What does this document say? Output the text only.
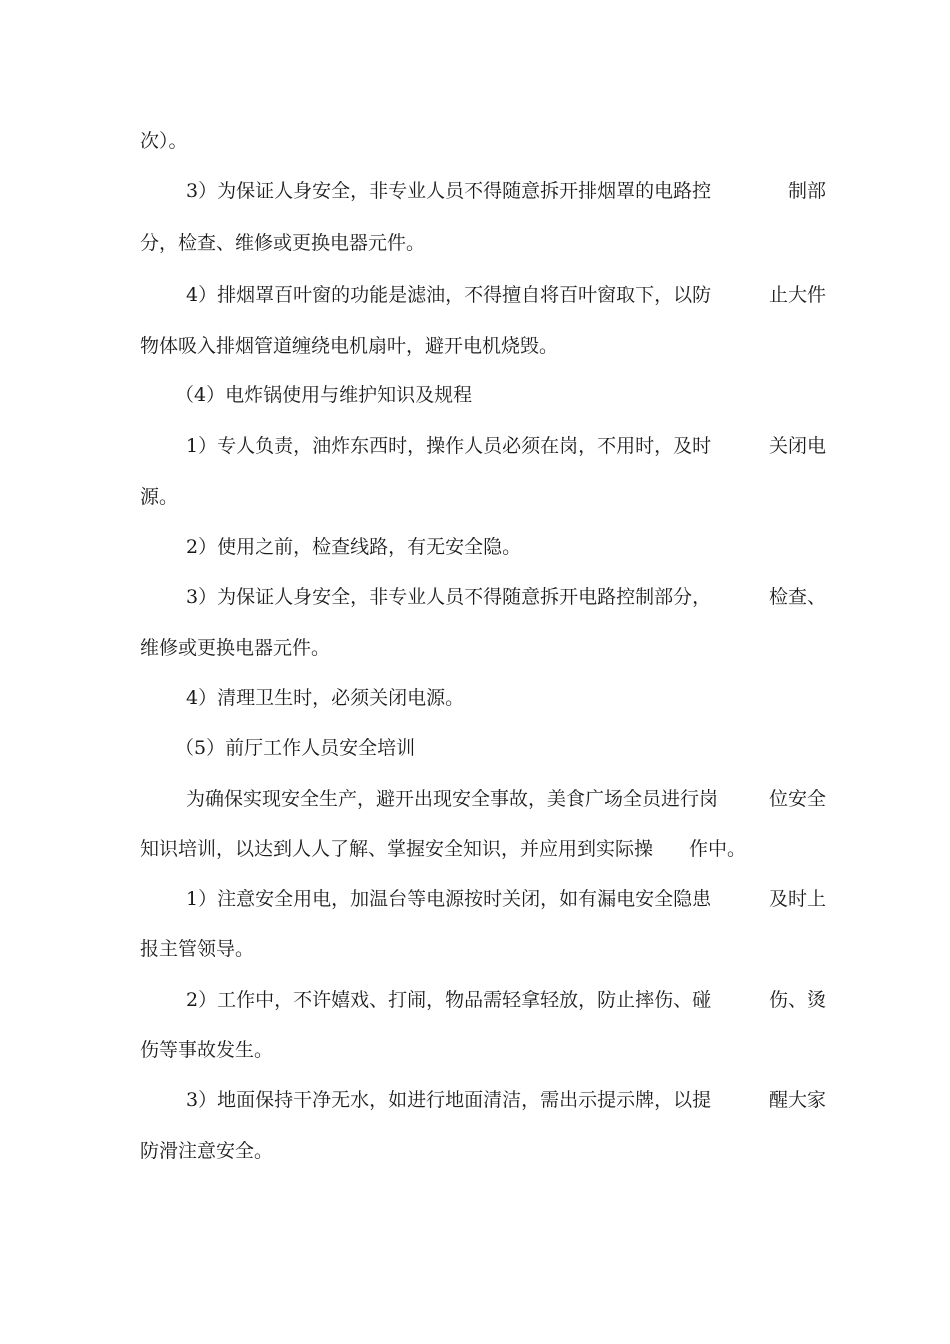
次）。
3）为保证人身安全，非专业人员不得随意拆开排烟罩的电路控	制部
分，检查、维修或更换电器元件。
4）排烟罩百叶窗的功能是滤油，不得擅自将百叶窗取下，以防	止大件
物体吸入排烟管道缠绕电机扇叶，避开电机烧毁。
（4）电炸锅使用与维护知识及规程
1）专人负责，油炸东西时，操作人员必须在岗，不用时，及时	关闭电
源。
2）使用之前，检查线路，有无安全隐。
3）为保证人身安全，非专业人员不得随意拆开电路控制部分，	检查、
维修或更换电器元件。
4）清理卫生时，必须关闭电源。
（5）前厅工作人员安全培训
为确保实现安全生产，避开出现安全事故，美食广场全员进行岗	位安全
知识培训，以达到人人了解、掌握安全知识，并应用到实际操 作中。
1）注意安全用电，加温台等电源按时关闭，如有漏电安全隐患	及时上
报主管领导。
2）工作中，不许嬉戏、打闹，物品需轻拿轻放，防止摔伤、碰	伤、烫
伤等事故发生。
3）地面保持干净无水，如进行地面清洁，需出示提示牌，以提	醒大家
防滑注意安全。
